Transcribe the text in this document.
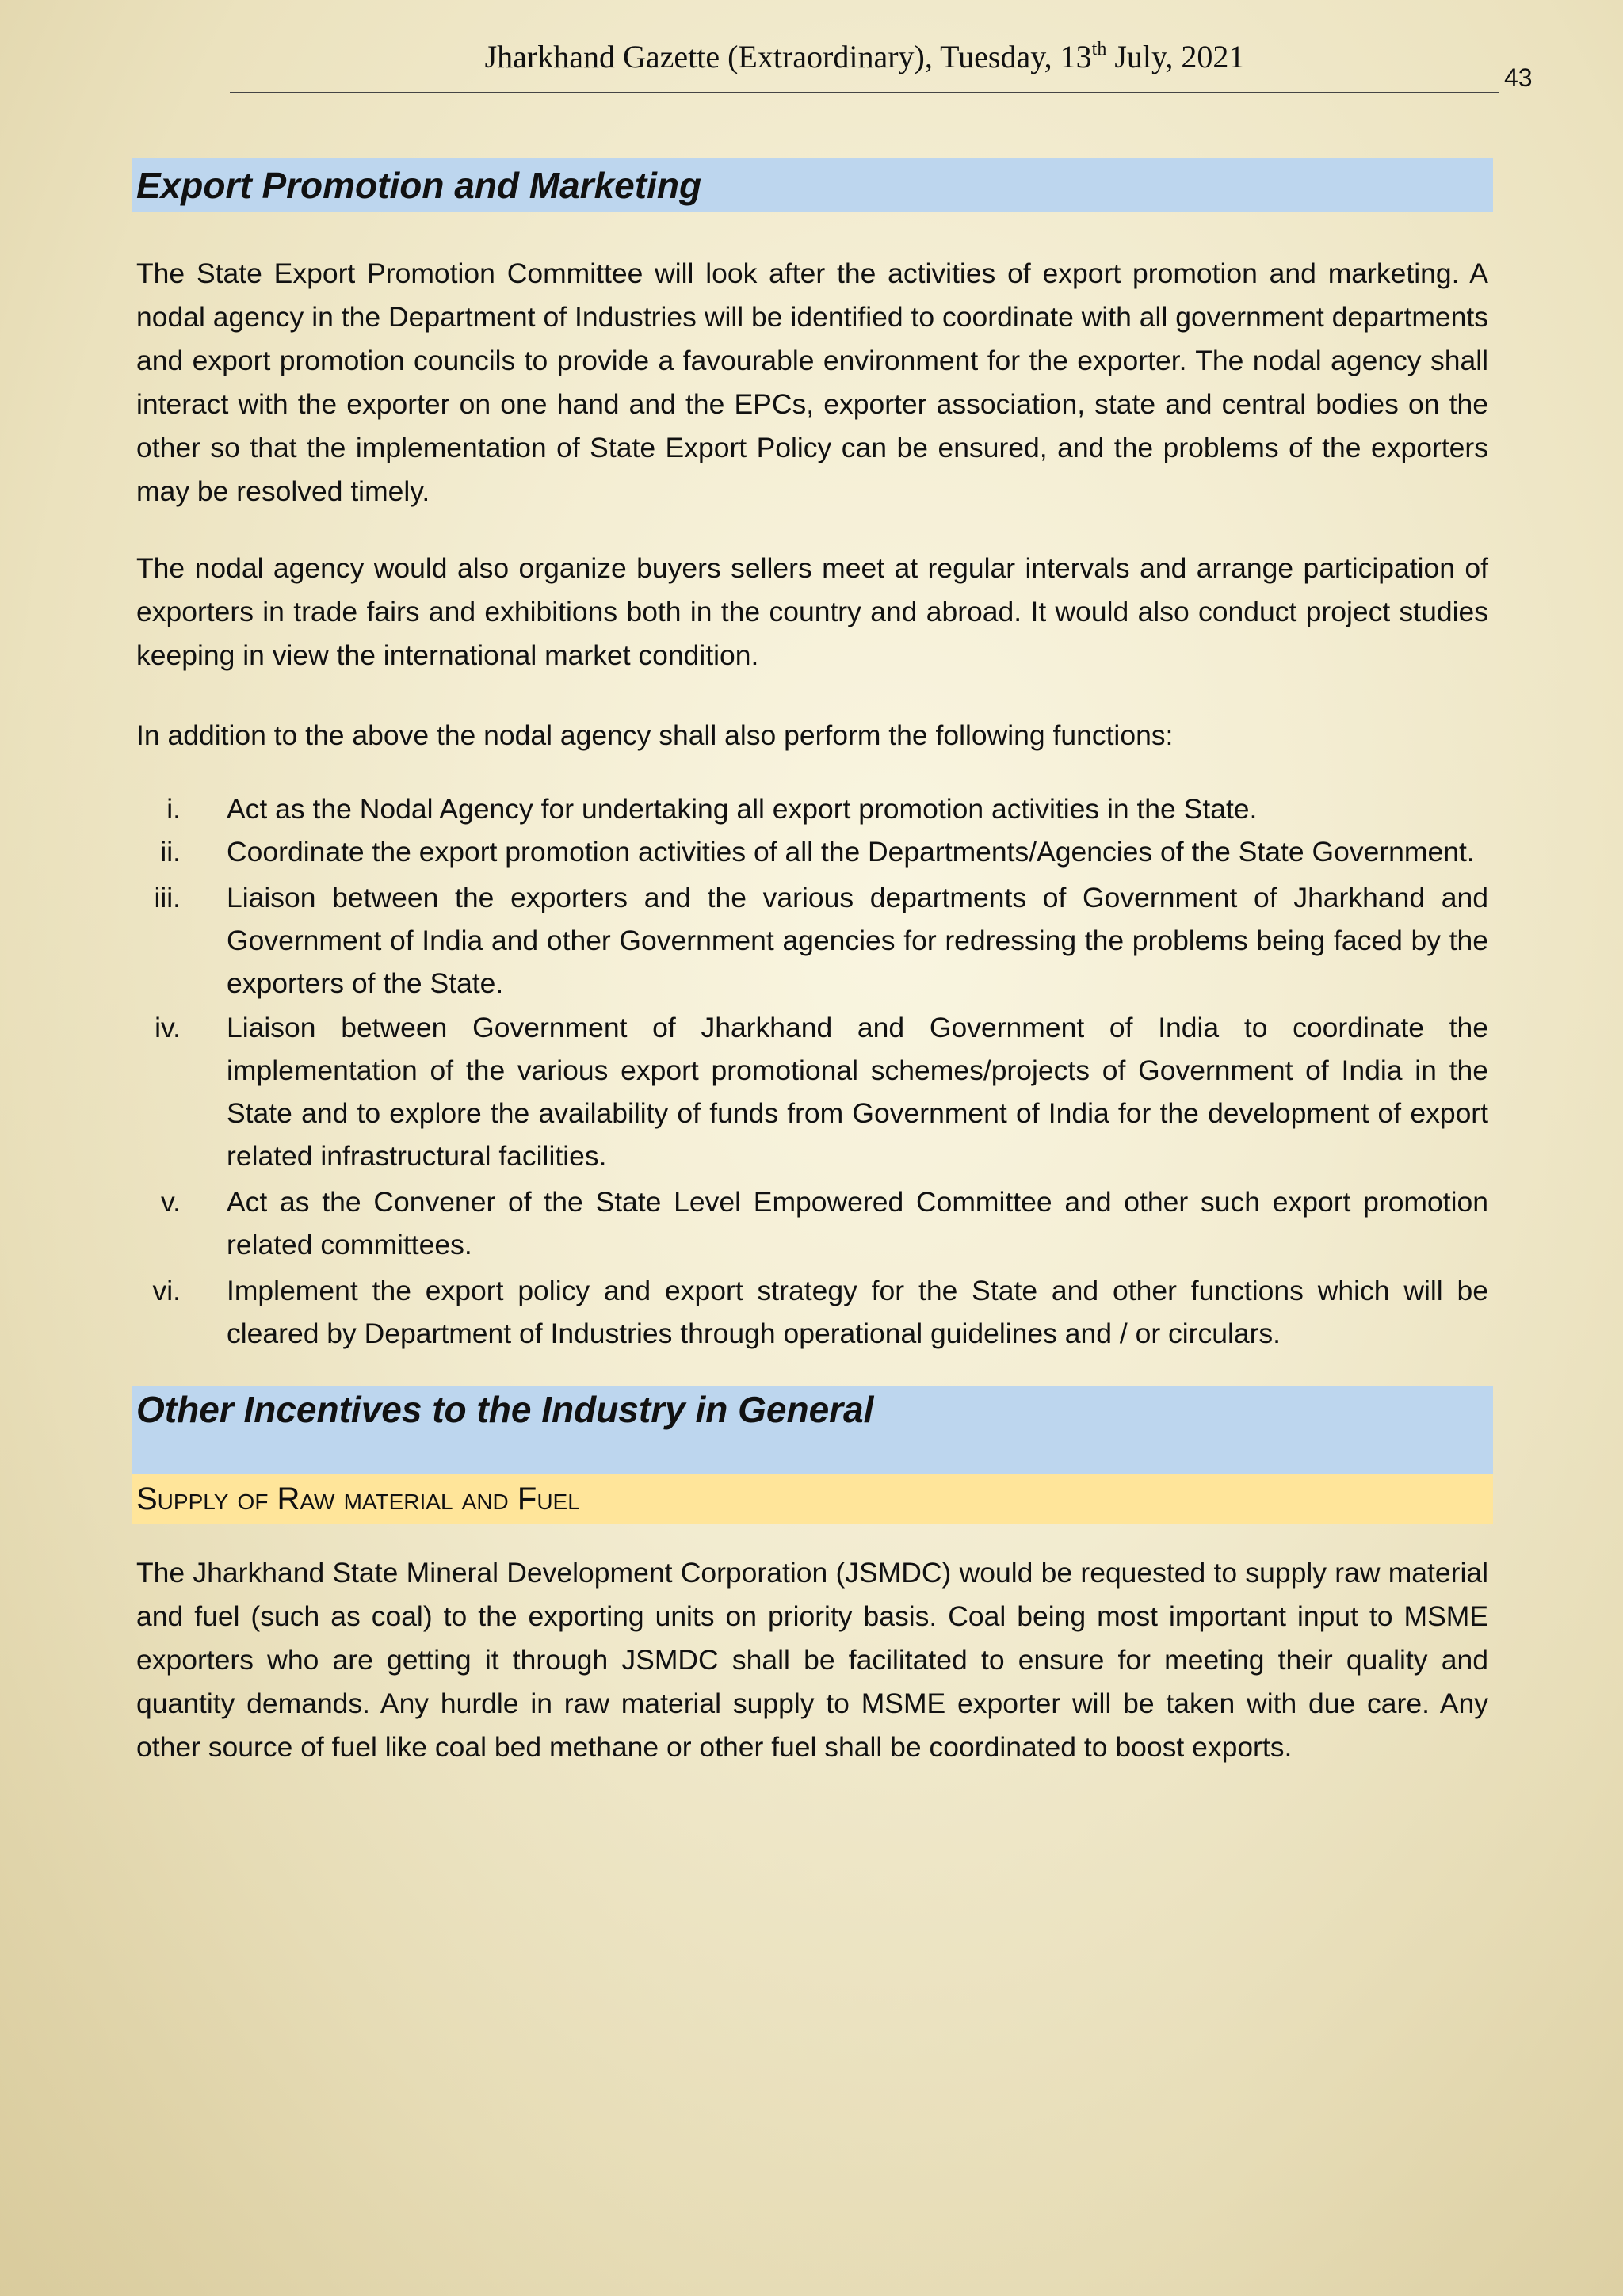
Jharkhand Gazette (Extraordinary), Tuesday, 13th July, 2021
43
Export Promotion and Marketing

The State Export Promotion Committee will look after the activities of export promotion and marketing. A nodal agency in the Department of Industries will be identified to coordinate with all government departments and export promotion councils to provide a favourable environment for the exporter. The nodal agency shall interact with the exporter on one hand and the EPCs, exporter association, state and central bodies on the other so that the implementation of State Export Policy can be ensured, and the problems of the exporters may be resolved timely.

The nodal agency would also organize buyers sellers meet at regular intervals and arrange participation of exporters in trade fairs and exhibitions both in the country and abroad. It would also conduct project studies keeping in view the international market condition.

In addition to the above the nodal agency shall also perform the following functions:

i.	Act as the Nodal Agency for undertaking all export promotion activities in the State.
ii.	Coordinate the export promotion activities of all the Departments/Agencies of the State Government.
iii.	Liaison between the exporters and the various departments of Government of Jharkhand and Government of India and other Government agencies for redressing the problems being faced by the exporters of the State.
iv.	Liaison between Government of Jharkhand and Government of India to coordinate the implementation of the various export promotional schemes/projects of Government of India in the State and to explore the availability of funds from Government of India for the development of export related infrastructural facilities.
v.	Act as the Convener of the State Level Empowered Committee and other such export promotion related committees.
vi.	Implement the export policy and export strategy for the State and other functions which will be cleared by Department of Industries through operational guidelines and / or circulars.
Other Incentives to the Industry in General
Supply of Raw material and Fuel

The Jharkhand State Mineral Development Corporation (JSMDC) would be requested to supply raw material and fuel (such as coal) to the exporting units on priority basis. Coal being most important input to MSME exporters who are getting it through JSMDC shall be facilitated to ensure for meeting their quality and quantity demands. Any hurdle in raw material supply to MSME exporter will be taken with due care. Any other source of fuel like coal bed methane or other fuel shall be coordinated to boost exports.
